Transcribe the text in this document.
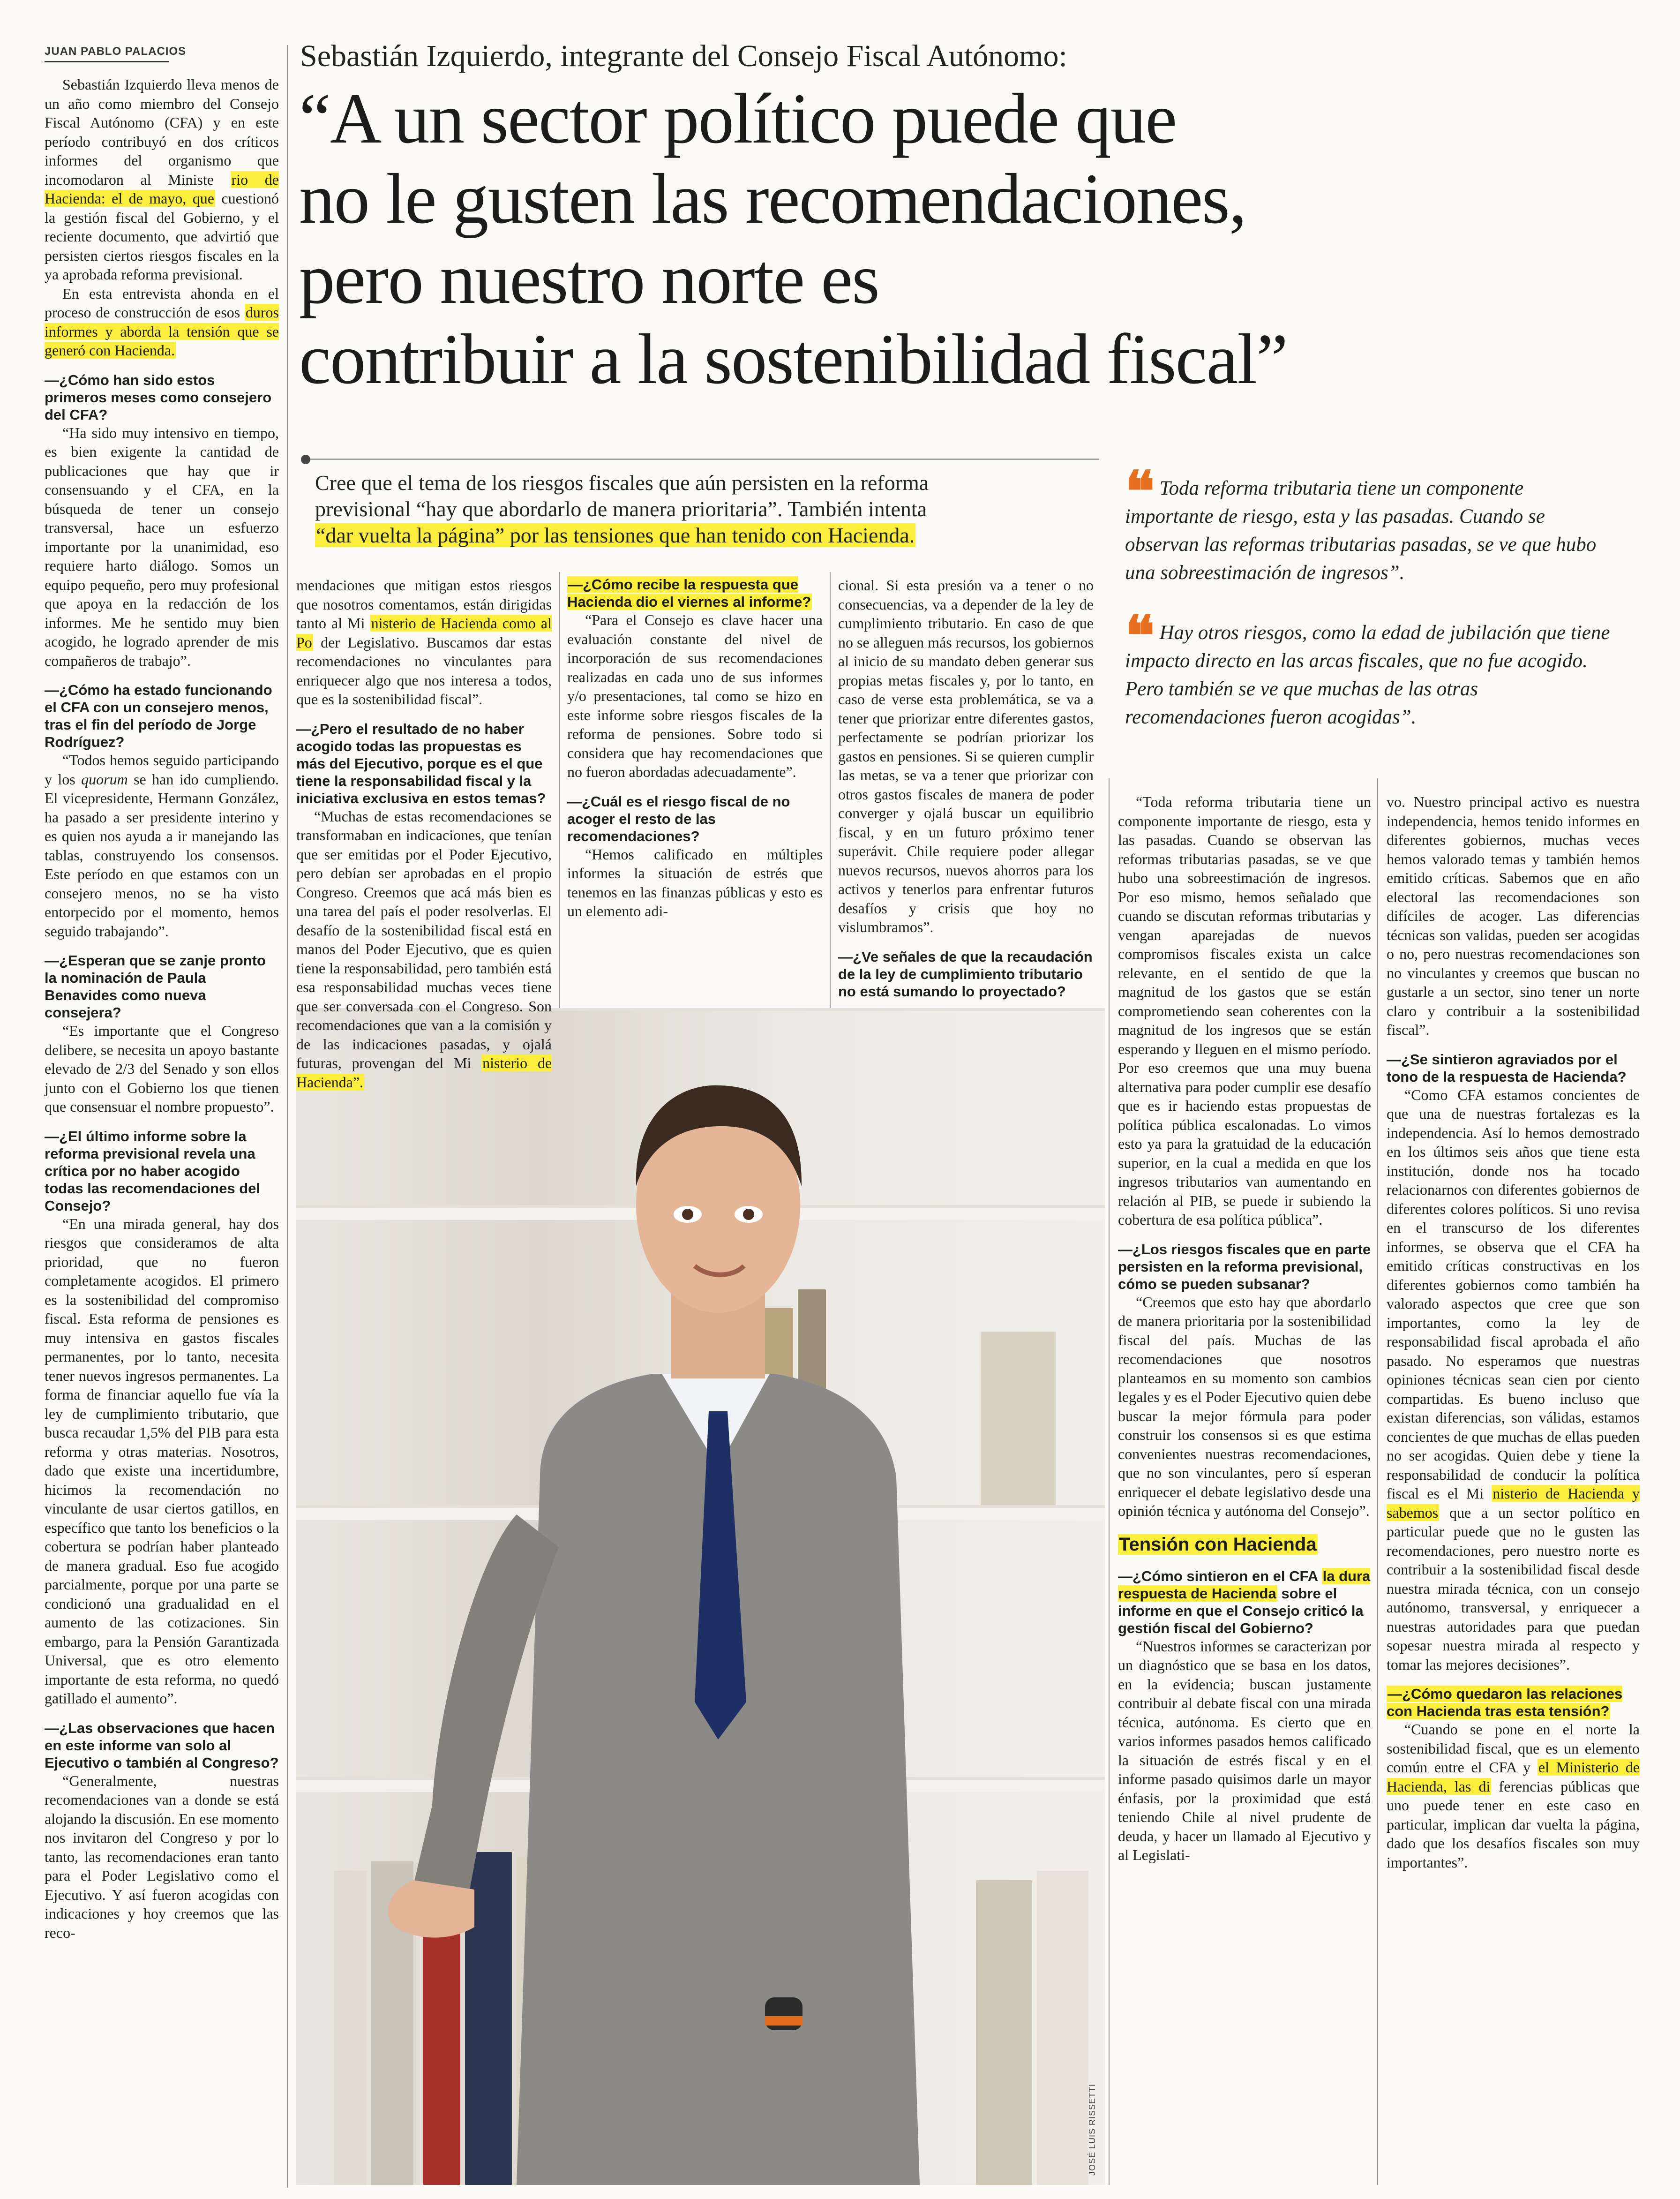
JUAN PABLO PALACIOS	Sebastián Izquierdo, integrante del Consejo Fiscal Autónomo:
“A un sector político puede que
no le gusten las recomendaciones,
pero nuestro norte es
contribuir a la sostenibilidad fiscal”
Cree que el tema de los riesgos fiscales que aún persisten en la reforma
previsional “hay que abordarlo de manera prioritaria”. También intenta
“dar vuelta la página” por las tensiones que han tenido con Hacienda.
❝ Toda reforma tributaria tiene un componente importante de riesgo, esta y las pasadas. Cuando se observan las reformas tributarias pasadas, se ve que hubo una sobreestimación de ingresos”.
❝ Hay otros riesgos, como la edad de jubilación que tiene impacto directo en las arcas fiscales, que no fue acogido. Pero también se ve que muchas de las otras recomendaciones fueron acogidas”.
JOSÉ LUIS RISSETTI

Sebastián Izquierdo lleva menos de un año como miembro del Consejo Fiscal Autónomo (CFA) y en este período contribuyó en dos críticos informes del organismo que incomodaron al Ministe rio de Hacienda: el de mayo, que cuestionó la gestión fiscal del Gobierno, y el reciente documento, que advirtió que persisten ciertos riesgos fiscales en la ya aprobada reforma previsional.

En esta entrevista ahonda en el proceso de construcción de esos duros informes y aborda la tensión que se generó con Hacienda.

—¿Cómo han sido estos primeros meses como consejero del CFA?

“Ha sido muy intensivo en tiempo, es bien exigente la cantidad de publicaciones que hay que ir consensuando y el CFA, en la búsqueda de tener un consejo transversal, hace un esfuerzo importante por la unanimidad, eso requiere harto diálogo. Somos un equipo pequeño, pero muy profesional que apoya en la redacción de los informes. Me he sentido muy bien acogido, he logrado aprender de mis compañeros de trabajo”.

—¿Cómo ha estado funcionando el CFA con un consejero menos, tras el fin del período de Jorge Rodríguez?

“Todos hemos seguido participando y los quorum se han ido cumpliendo. El vicepresidente, Hermann González, ha pasado a ser presidente interino y es quien nos ayuda a ir manejando las tablas, construyendo los consensos. Este período en que estamos con un consejero menos, no se ha visto entorpecido por el momento, hemos seguido trabajando”.

—¿Esperan que se zanje pronto la nominación de Paula Benavides como nueva consejera?

“Es importante que el Congreso delibere, se necesita un apoyo bastante elevado de 2/3 del Senado y son ellos junto con el Gobierno los que tienen que consensuar el nombre propuesto”.

—¿El último informe sobre la reforma previsional revela una crítica por no haber acogido todas las recomendaciones del Consejo?

“En una mirada general, hay dos riesgos que consideramos de alta prioridad, que no fueron completamente acogidos. El primero es la sostenibilidad del compromiso fiscal. Esta reforma de pensiones es muy intensiva en gastos fiscales permanentes, por lo tanto, necesita tener nuevos ingresos permanentes. La forma de financiar aquello fue vía la ley de cumplimiento tributario, que busca recaudar 1,5% del PIB para esta reforma y otras materias. Nosotros, dado que existe una incertidumbre, hicimos la recomendación no vinculante de usar ciertos gatillos, en específico que tanto los beneficios o la cobertura se podrían haber planteado de manera gradual. Eso fue acogido parcialmente, porque por una parte se condicionó una gradualidad en el aumento de las cotizaciones. Sin embargo, para la Pensión Garantizada Universal, que es otro elemento importante de esta reforma, no quedó gatillado el aumento”.

—¿Las observaciones que hacen en este informe van solo al Ejecutivo o también al Congreso?

“Generalmente, nuestras recomendaciones van a donde se está alojando la discusión. En ese momento nos invitaron del Congreso y por lo tanto, las recomendaciones eran tanto para el Poder Legislativo como el Ejecutivo. Y así fueron acogidas con indicaciones y hoy creemos que las reco-

mendaciones que mitigan estos riesgos que nosotros comentamos, están dirigidas tanto al Mi nisterio de Hacienda como al Po der Legislativo. Buscamos dar estas recomendaciones no vinculantes para enriquecer algo que nos interesa a todos, que es la sostenibilidad fiscal”.

—¿Pero el resultado de no haber acogido todas las propuestas es más del Ejecutivo, porque es el que tiene la responsabilidad fiscal y la iniciativa exclusiva en estos temas?

“Muchas de estas recomendaciones se transformaban en indicaciones, que tenían que ser emitidas por el Poder Ejecutivo, pero debían ser aprobadas en el propio Congreso. Creemos que acá más bien es una tarea del país el poder resolverlas. El desafío de la sostenibilidad fiscal está en manos del Poder Ejecutivo, que es quien tiene la responsabilidad, pero también está esa responsabilidad muchas veces tiene que ser conversada con el Congreso. Son recomendaciones que van a la comisión y de las indicaciones pasadas, y ojalá futuras, provengan del Mi nisterio de Hacienda”.

—¿Cómo recibe la respuesta que Hacienda dio el viernes al informe?

“Para el Consejo es clave hacer una evaluación constante del nivel de incorporación de sus recomendaciones realizadas en cada uno de sus informes y/o presentaciones, tal como se hizo en este informe sobre riesgos fiscales de la reforma de pensiones. Sobre todo si considera que hay recomendaciones que no fueron abordadas adecuadamente”.

—¿Cuál es el riesgo fiscal de no acoger el resto de las recomendaciones?

“Hemos calificado en múltiples informes la situación de estrés que tenemos en las finanzas públicas y esto es un elemento adi-

cional. Si esta presión va a tener o no consecuencias, va a depender de la ley de cumplimiento tributario. En caso de que no se alleguen más recursos, los gobiernos al inicio de su mandato deben generar sus propias metas fiscales y, por lo tanto, en caso de verse esta problemática, se va a tener que priorizar entre diferentes gastos, perfectamente se podrían priorizar los gastos en pensiones. Si se quieren cumplir las metas, se va a tener que priorizar con otros gastos fiscales de manera de poder converger y ojalá buscar un equilibrio fiscal, y en un futuro próximo tener superávit. Chile requiere poder allegar nuevos recursos, nuevos ahorros para los activos y tenerlos para enfrentar futuros desafíos y crisis que hoy no vislumbramos”.

—¿Ve señales de que la recaudación de la ley de cumplimiento tributario no está sumando lo proyectado?

“Toda reforma tributaria tiene un componente importante de riesgo, esta y las pasadas. Cuando se observan las reformas tributarias pasadas, se ve que hubo una sobreestimación de ingresos. Por eso mismo, hemos señalado que cuando se discutan reformas tributarias y vengan aparejadas de nuevos compromisos fiscales exista un calce relevante, en el sentido de que la magnitud de los gastos que se están comprometiendo sean coherentes con la magnitud de los ingresos que se están esperando y lleguen en el mismo período. Por eso creemos que una muy buena alternativa para poder cumplir ese desafío que es ir haciendo estas propuestas de política pública escalonadas. Lo vimos esto ya para la gratuidad de la educación superior, en la cual a medida en que los ingresos tributarios van aumentando en relación al PIB, se puede ir subiendo la cobertura de esa política pública”.

—¿Los riesgos fiscales que en parte persisten en la reforma previsional, cómo se pueden subsanar?

“Creemos que esto hay que abordarlo de manera prioritaria por la sostenibilidad fiscal del país. Muchas de las recomendaciones que nosotros planteamos en su momento son cambios legales y es el Poder Ejecutivo quien debe buscar la mejor fórmula para poder construir los consensos si es que estima convenientes nuestras recomendaciones, que no son vinculantes, pero sí esperan enriquecer el debate legislativo desde una opinión técnica y autónoma del Consejo”.

Tensión con Hacienda

—¿Cómo sintieron en el CFA la dura respuesta de Hacienda sobre el informe en que el Consejo criticó la gestión fiscal del Gobierno?

“Nuestros informes se caracterizan por un diagnóstico que se basa en los datos, en la evidencia; buscan justamente contribuir al debate fiscal con una mirada técnica, autónoma. Es cierto que en varios informes pasados hemos calificado la situación de estrés fiscal y en el informe pasado quisimos darle un mayor énfasis, por la proximidad que está teniendo Chile al nivel prudente de deuda, y hacer un llamado al Ejecutivo y al Legislati-

vo. Nuestro principal activo es nuestra independencia, hemos tenido informes en diferentes gobiernos, muchas veces hemos valorado temas y también hemos emitido críticas. Sabemos que en año electoral las recomendaciones son difíciles de acoger. Las diferencias técnicas son validas, pueden ser acogidas o no, pero nuestras recomendaciones son no vinculantes y creemos que buscan no gustarle a un sector, sino tener un norte claro y contribuir a la sostenibilidad fiscal”.

—¿Se sintieron agraviados por el tono de la respuesta de Hacienda?

“Como CFA estamos concientes de que una de nuestras fortalezas es la independencia. Así lo hemos demostrado en los últimos seis años que tiene esta institución, donde nos ha tocado relacionarnos con diferentes gobiernos de diferentes colores políticos. Si uno revisa en el transcurso de los diferentes informes, se observa que el CFA ha emitido críticas constructivas en los diferentes gobiernos como también ha valorado aspectos que cree que son importantes, como la ley de responsabilidad fiscal aprobada el año pasado. No esperamos que nuestras opiniones técnicas sean cien por ciento compartidas. Es bueno incluso que existan diferencias, son válidas, estamos concientes de que muchas de ellas pueden no ser acogidas. Quien debe y tiene la responsabilidad de conducir la política fiscal es el Mi nisterio de Hacienda y sabemos que a un sector político en particular puede que no le gusten las recomendaciones, pero nuestro norte es contribuir a la sostenibilidad fiscal desde nuestra mirada técnica, con un consejo autónomo, transversal, y enriquecer a nuestras autoridades para que puedan sopesar nuestra mirada al respecto y tomar las mejores decisiones”.

—¿Cómo quedaron las relaciones con Hacienda tras esta tensión?

“Cuando se pone en el norte la sostenibilidad fiscal, que es un elemento común entre el CFA y el Ministerio de Hacienda, las di ferencias públicas que uno puede tener en este caso en particular, implican dar vuelta la página, dado que los desafíos fiscales son muy importantes”.
